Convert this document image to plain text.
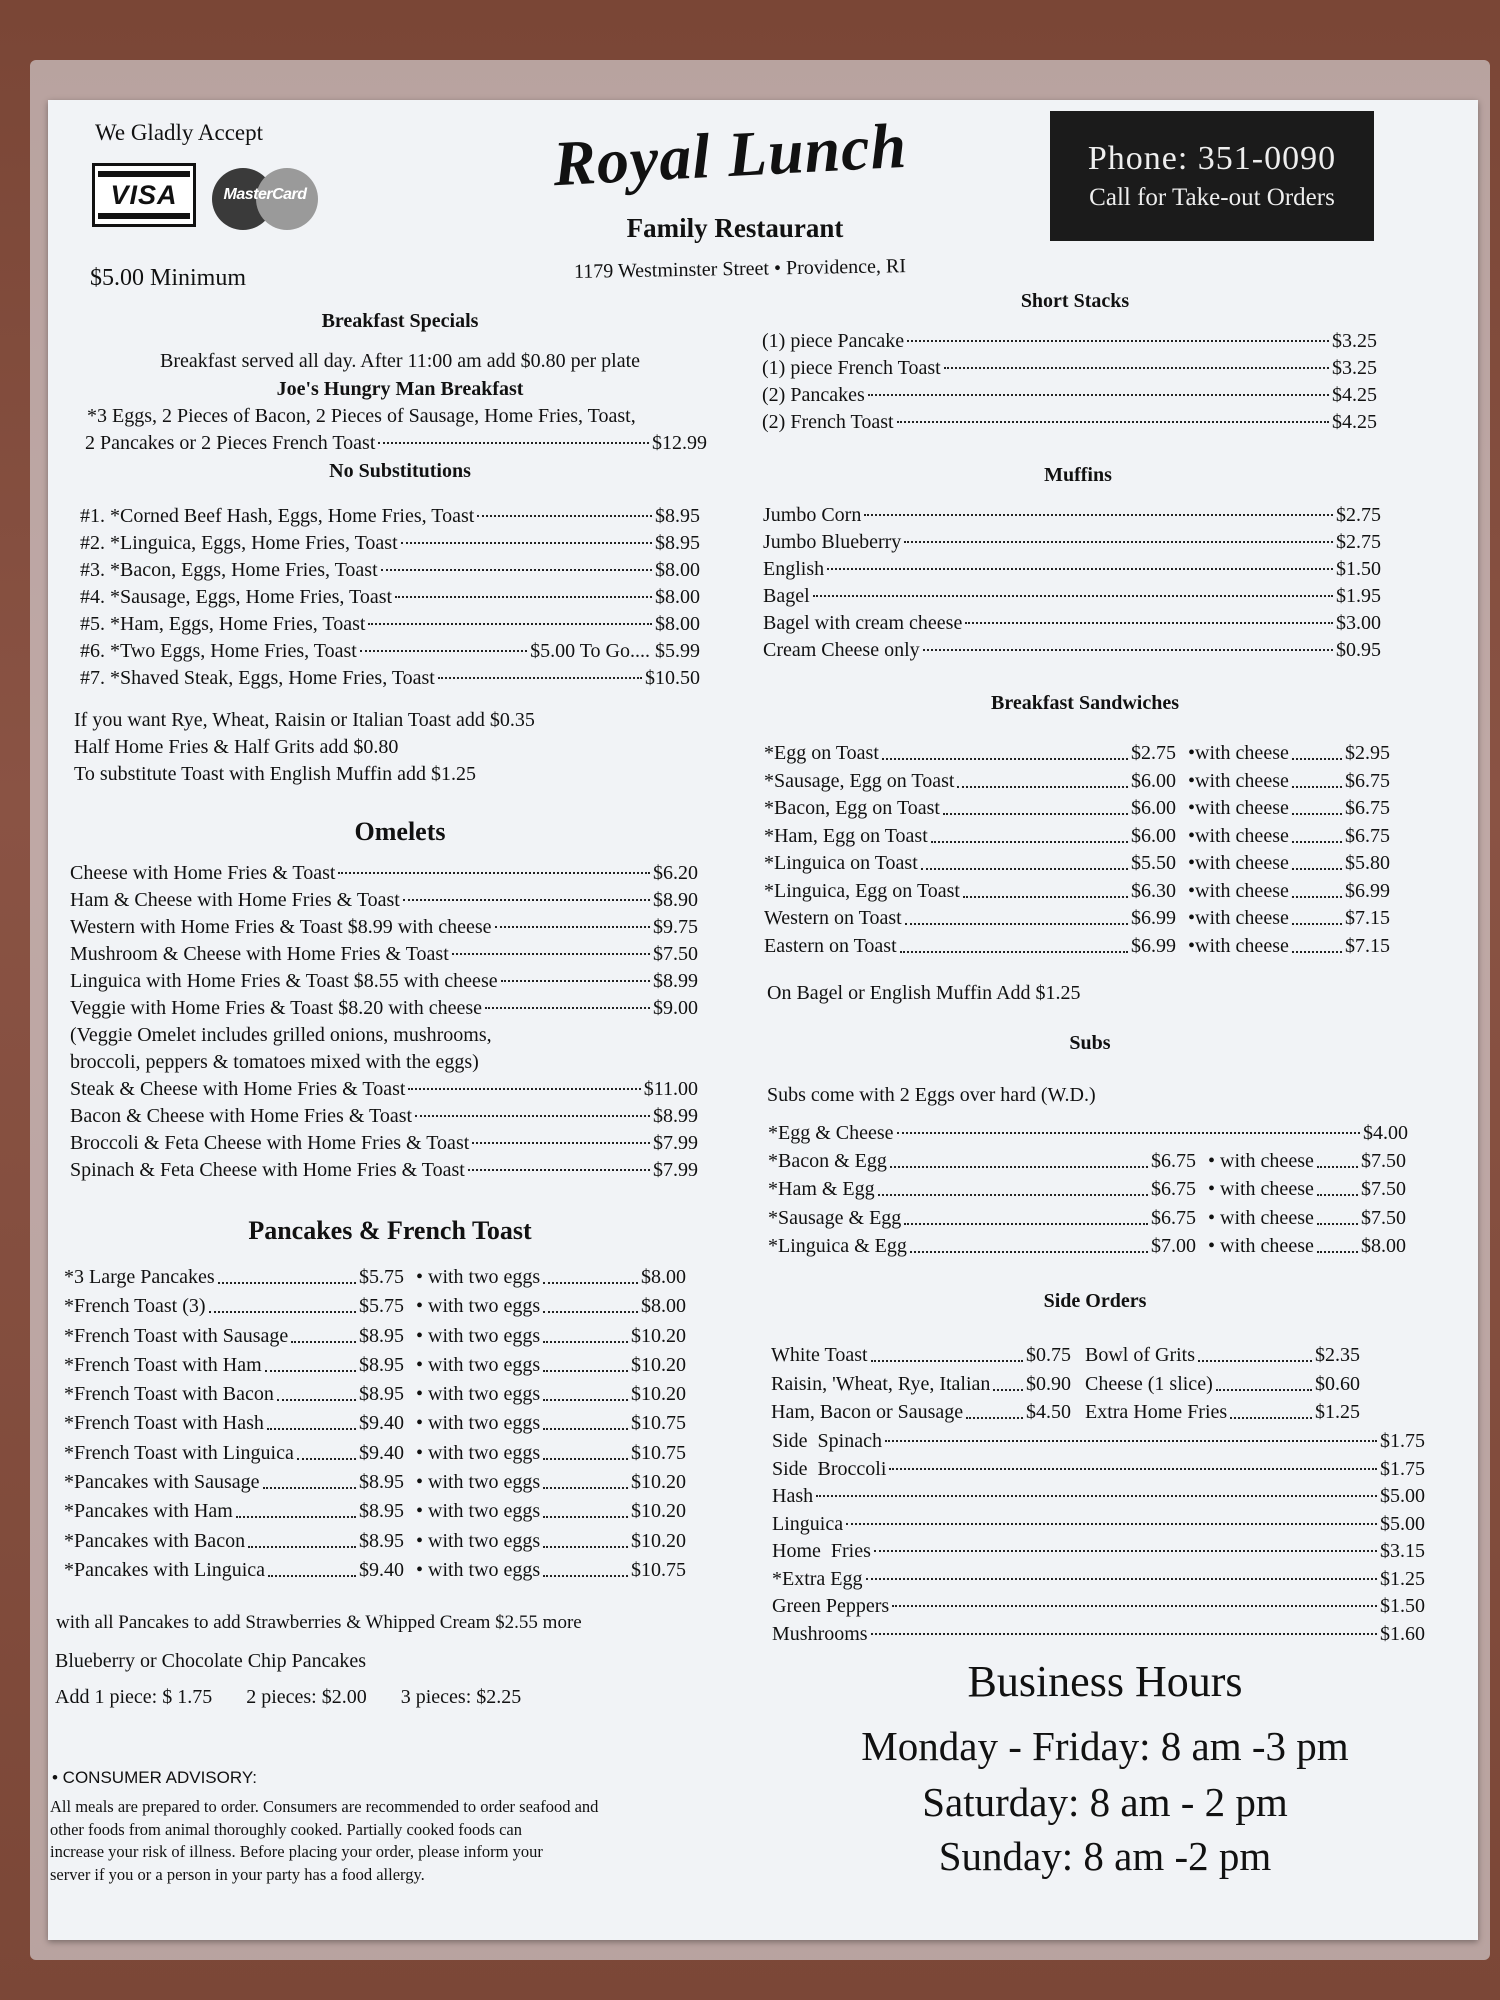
We Gladly Accept
VISA	MasterCard
$5.00 Minimum
Royal Lunch
Family Restaurant
1179 Westminster Street • Providence, RI
Phone: 351-0090
Call for Take-out Orders
Breakfast Specials
Breakfast served all day. After 11:00 am add $0.80 per plate
Joe's Hungry Man Breakfast
*3 Eggs, 2 Pieces of Bacon, 2 Pieces of Sausage, Home Fries, Toast,
2 Pancakes or 2 Pieces French Toast	$12.99
No Substitutions
#1. *Corned Beef Hash, Eggs, Home Fries, Toast	$8.95
#2. *Linguica, Eggs, Home Fries, Toast	$8.95
#3. *Bacon, Eggs, Home Fries, Toast	$8.00
#4. *Sausage, Eggs, Home Fries, Toast	$8.00
#5. *Ham, Eggs, Home Fries, Toast	$8.00
#6. *Two Eggs, Home Fries, Toast	$5.00 To Go.... $5.99
#7. *Shaved Steak, Eggs, Home Fries, Toast	$10.50
If you want Rye, Wheat, Raisin or Italian Toast add $0.35
Half Home Fries & Half Grits add $0.80
To substitute Toast with English Muffin add $1.25
Omelets
Cheese with Home Fries & Toast	$6.20
Ham & Cheese with Home Fries & Toast	$8.90
Western with Home Fries & Toast $8.99 with cheese	$9.75
Mushroom & Cheese with Home Fries & Toast	$7.50
Linguica with Home Fries & Toast $8.55 with cheese	$8.99
Veggie with Home Fries & Toast $8.20 with cheese	$9.00
(Veggie Omelet includes grilled onions, mushrooms,
broccoli, peppers & tomatoes mixed with the eggs)
Steak & Cheese with Home Fries & Toast	$11.00
Bacon & Cheese with Home Fries & Toast	$8.99
Broccoli & Feta Cheese with Home Fries & Toast	$7.99
Spinach & Feta Cheese with Home Fries & Toast	$7.99
Pancakes & French Toast
*3 Large Pancakes	$5.75 • with two eggs	$8.00
*French Toast (3)	$5.75 • with two eggs	$8.00
*French Toast with Sausage	$8.95 • with two eggs	$10.20
*French Toast with Ham	$8.95 • with two eggs	$10.20
*French Toast with Bacon	$8.95 • with two eggs	$10.20
*French Toast with Hash	$9.40 • with two eggs	$10.75
*French Toast with Linguica	$9.40 • with two eggs	$10.75
*Pancakes with Sausage	$8.95 • with two eggs	$10.20
*Pancakes with Ham	$8.95 • with two eggs	$10.20
*Pancakes with Bacon	$8.95 • with two eggs	$10.20
*Pancakes with Linguica	$9.40 • with two eggs	$10.75
with all Pancakes to add Strawberries & Whipped Cream $2.55 more
Blueberry or Chocolate Chip Pancakes
Add 1 piece: $ 1.75 2 pieces: $2.00 3 pieces: $2.25
• CONSUMER ADVISORY:
All meals are prepared to order. Consumers are recommended to order seafood and
other foods from animal thoroughly cooked. Partially cooked foods can
increase your risk of illness. Before placing your order, please inform your
server if you or a person in your party has a food allergy.
Short Stacks
(1) piece Pancake	$3.25
(1) piece French Toast	$3.25
(2) Pancakes	$4.25
(2) French Toast	$4.25
Muffins
Jumbo Corn	$2.75
Jumbo Blueberry	$2.75
English	$1.50
Bagel	$1.95
Bagel with cream cheese	$3.00
Cream Cheese only	$0.95
Breakfast Sandwiches
*Egg on Toast	$2.75 •with cheese	$2.95
*Sausage, Egg on Toast	$6.00 •with cheese	$6.75
*Bacon, Egg on Toast	$6.00 •with cheese	$6.75
*Ham, Egg on Toast	$6.00 •with cheese	$6.75
*Linguica on Toast	$5.50 •with cheese	$5.80
*Linguica, Egg on Toast	$6.30 •with cheese	$6.99
Western on Toast	$6.99 •with cheese	$7.15
Eastern on Toast	$6.99 •with cheese	$7.15
On Bagel or English Muffin Add $1.25
Subs
Subs come with 2 Eggs over hard (W.D.)
*Egg & Cheese	$4.00
*Bacon & Egg	$6.75 • with cheese $7.50
*Ham & Egg	$6.75 • with cheese $7.50
*Sausage & Egg	$6.75 • with cheese $7.50
*Linguica & Egg	$7.00 • with cheese $8.00
Side Orders
White Toast	$0.75 Bowl of Grits	$2.35
Raisin, 'Wheat, Rye, Italian $0.90 Cheese (1 slice)	$0.60
Ham, Bacon or Sausage	$4.50 Extra Home Fries	$1.25
Side  Spinach	$1.75
Side  Broccoli	$1.75
Hash	$5.00
Linguica	$5.00
Home  Fries	$3.15
*Extra Egg	$1.25
Green Peppers	$1.50
Mushrooms	$1.60
Business Hours
Monday - Friday: 8 am -3 pm
Saturday: 8 am - 2 pm
Sunday: 8 am -2 pm
